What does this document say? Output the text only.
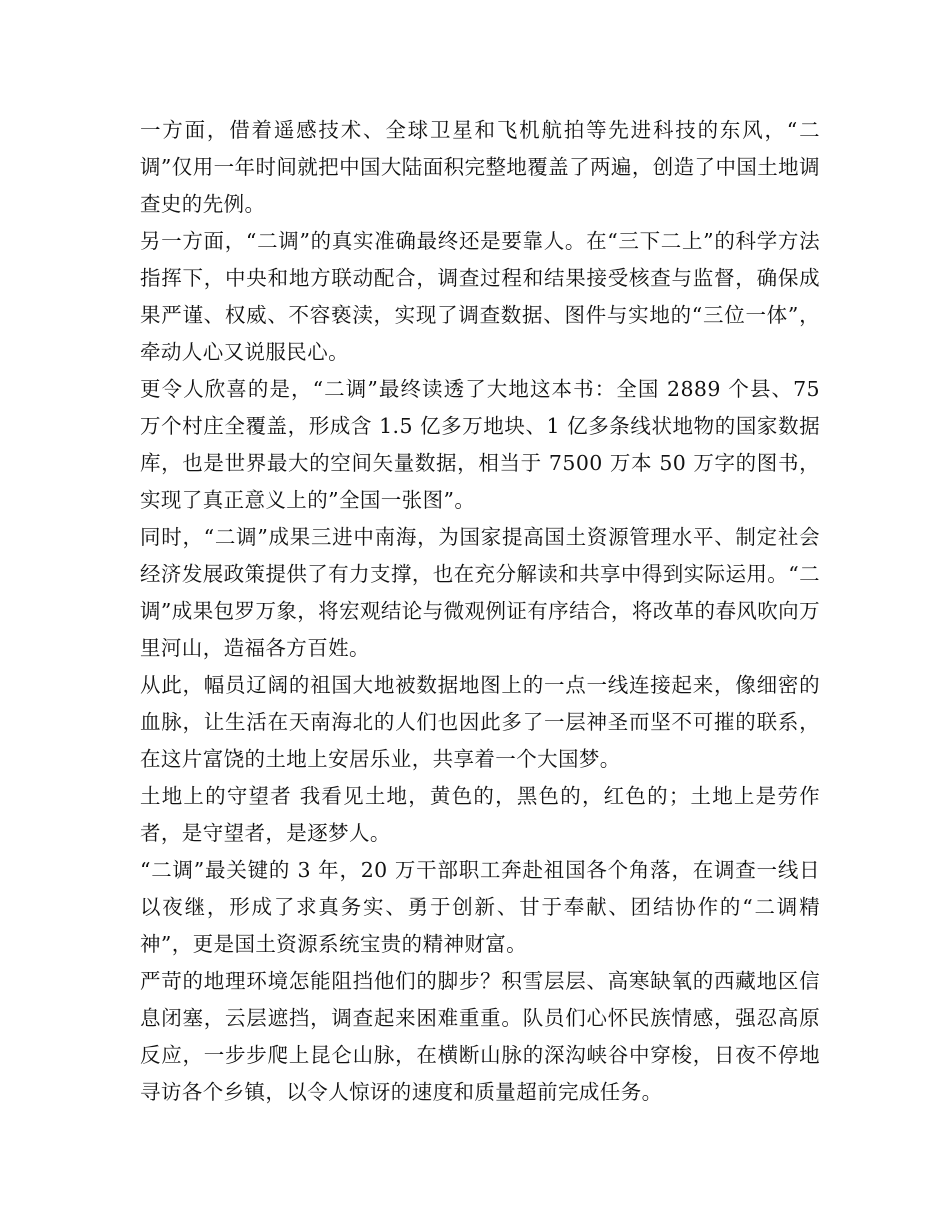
一方面，借着遥感技术、全球卫星和飞机航拍等先进科技的东风，“二调”仅用一年时间就把中国大陆面积完整地覆盖了两遍，创造了中国土地调查史的先例。

另一方面，“二调”的真实准确最终还是要靠人。在“三下二上”的科学方法指挥下，中央和地方联动配合，调查过程和结果接受核查与监督，确保成果严谨、权威、不容亵渎，实现了调查数据、图件与实地的“三位一体”，牵动人心又说服民心。

更令人欣喜的是，“二调”最终读透了大地这本书：全国 2889 个县、75 万个村庄全覆盖，形成含 1.5 亿多万地块、1 亿多条线状地物的国家数据库，也是世界最大的空间矢量数据，相当于 7500 万本 50 万字的图书，实现了真正意义上的”全国一张图”。

同时，“二调”成果三进中南海，为国家提高国土资源管理水平、制定社会经济发展政策提供了有力支撑，也在充分解读和共享中得到实际运用。“二调”成果包罗万象，将宏观结论与微观例证有序结合，将改革的春风吹向万里河山，造福各方百姓。

从此，幅员辽阔的祖国大地被数据地图上的一点一线连接起来，像细密的血脉，让生活在天南海北的人们也因此多了一层神圣而坚不可摧的联系，在这片富饶的土地上安居乐业，共享着一个大国梦。

土地上的守望者 我看见土地，黄色的，黑色的，红色的；土地上是劳作者，是守望者，是逐梦人。

“二调”最关键的 3 年，20 万干部职工奔赴祖国各个角落，在调查一线日以夜继，形成了求真务实、勇于创新、甘于奉献、团结协作的“二调精神”，更是国土资源系统宝贵的精神财富。

严苛的地理环境怎能阻挡他们的脚步？积雪层层、高寒缺氧的西藏地区信息闭塞，云层遮挡，调查起来困难重重。队员们心怀民族情感，强忍高原反应，一步步爬上昆仑山脉，在横断山脉的深沟峡谷中穿梭，日夜不停地寻访各个乡镇，以令人惊讶的速度和质量超前完成任务。
